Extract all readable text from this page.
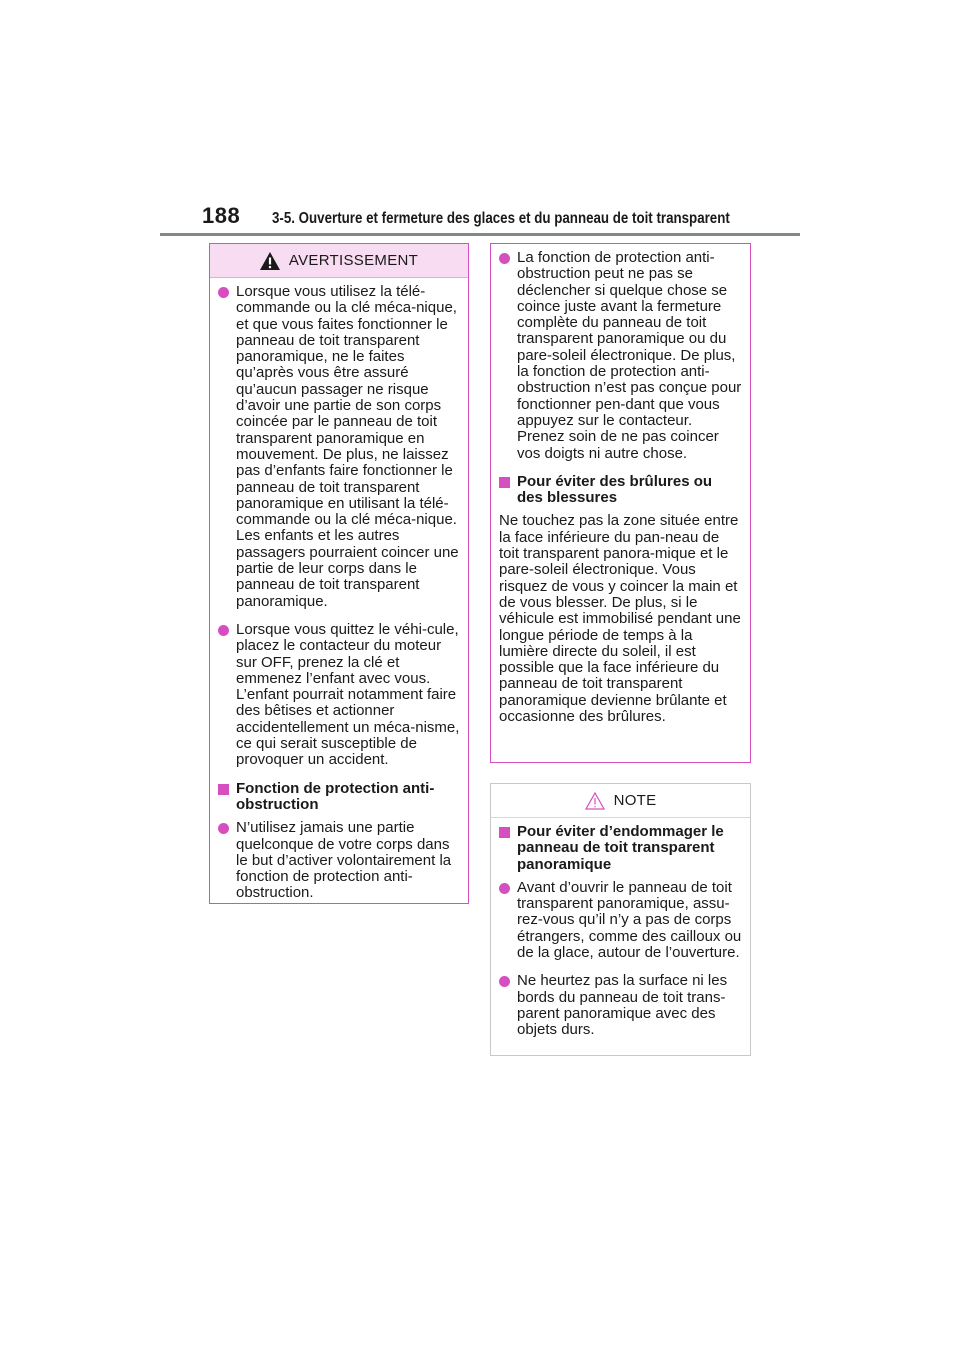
188 3-5. Ouverture et fermeture des glaces et du panneau de toit transparent
AVERTISSEMENT
Lorsque vous utilisez la télé-commande ou la clé méca-nique, et que vous faites fonctionner le panneau de toit transparent panoramique, ne le faites qu’après vous être assuré qu’aucun passager ne risque d’avoir une partie de son corps coincée par le panneau de toit transparent panoramique en mouvement. De plus, ne laissez pas d’enfants faire fonctionner le panneau de toit transparent panoramique en utilisant la télé-commande ou la clé méca-nique. Les enfants et les autres passagers pourraient coincer une partie de leur corps dans le panneau de toit transparent panoramique.
Lorsque vous quittez le véhi-cule, placez le contacteur du moteur sur OFF, prenez la clé et emmenez l’enfant avec vous. L’enfant pourrait notamment faire des bêtises et actionner accidentellement un méca-nisme, ce qui serait susceptible de provoquer un accident.
Fonction de protection anti-obstruction
N’utilisez jamais une partie quelconque de votre corps dans le but d’activer volontairement la fonction de protection anti-obstruction.
La fonction de protection anti-obstruction peut ne pas se déclencher si quelque chose se coince juste avant la fermeture complète du panneau de toit transparent panoramique ou du pare-soleil électronique. De plus, la fonction de protection anti-obstruction n’est pas conçue pour fonctionner pen-dant que vous appuyez sur le contacteur. Prenez soin de ne pas coincer vos doigts ni autre chose.
Pour éviter des brûlures ou des blessures
Ne touchez pas la zone située entre la face inférieure du pan-neau de toit transparent panora-mique et le pare-soleil électronique. Vous risquez de vous y coincer la main et de vous blesser. De plus, si le véhicule est immobilisé pendant une longue période de temps à la lumière directe du soleil, il est possible que la face inférieure du panneau de toit transparent panoramique devienne brûlante et occasionne des brûlures.
NOTE
Pour éviter d’endommager le panneau de toit transparent panoramique
Avant d’ouvrir le panneau de toit transparent panoramique, assu-rez-vous qu’il n’y a pas de corps étrangers, comme des cailloux ou de la glace, autour de l’ouverture.
Ne heurtez pas la surface ni les bords du panneau de toit trans-parent panoramique avec des objets durs.
